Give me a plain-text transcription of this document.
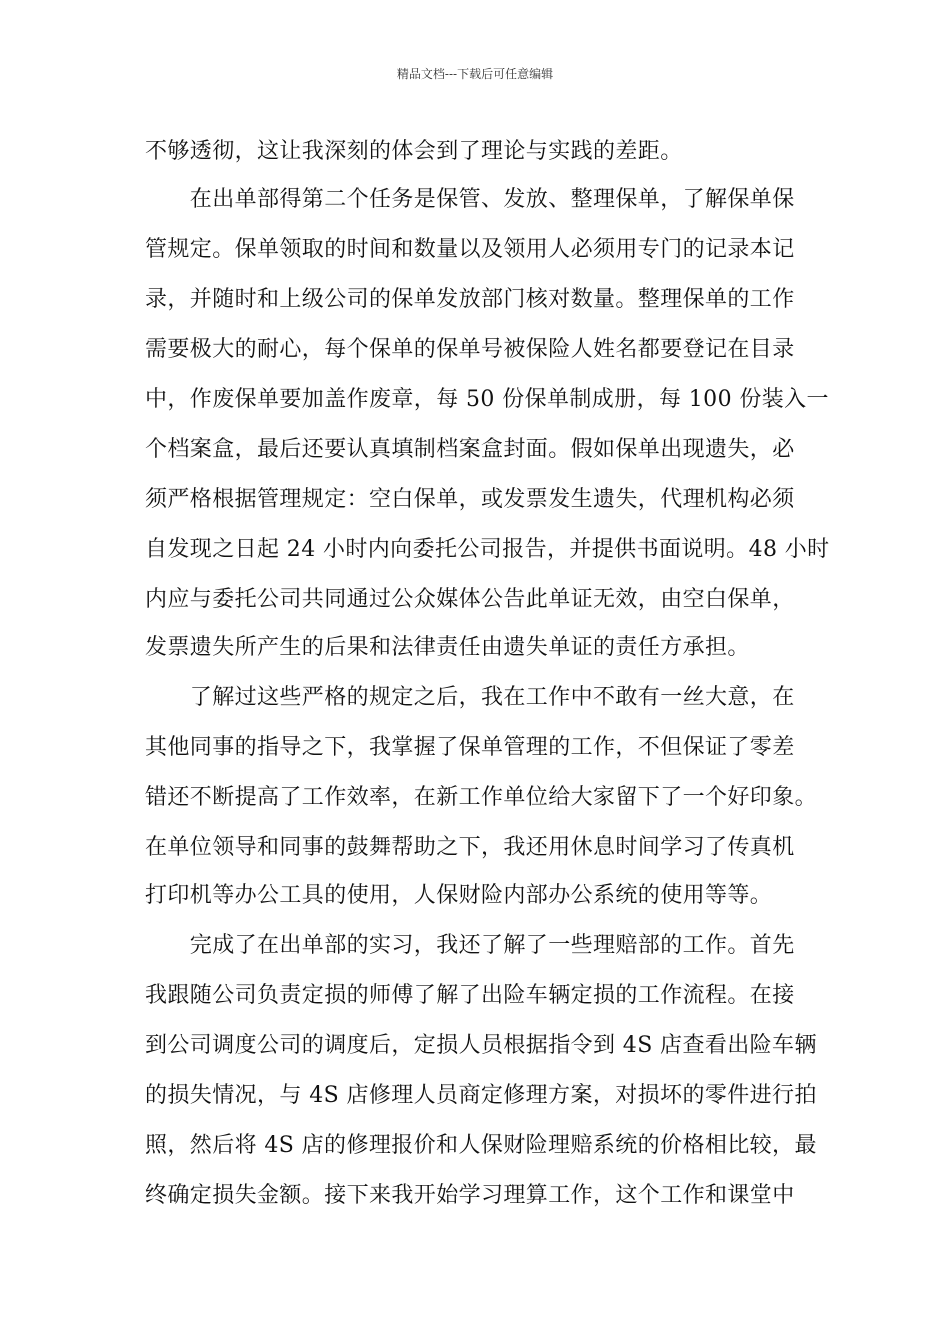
精品文档---下载后可任意编辑
不够透彻，这让我深刻的体会到了理论与实践的差距。
　　在出单部得第二个任务是保管、发放、整理保单，了解保单保
管规定。保单领取的时间和数量以及领用人必须用专门的记录本记
录，并随时和上级公司的保单发放部门核对数量。整理保单的工作
需要极大的耐心，每个保单的保单号被保险人姓名都要登记在目录
中，作废保单要加盖作废章，每 50 份保单制成册，每 100 份装入一
个档案盒，最后还要认真填制档案盒封面。假如保单出现遗失，必
须严格根据管理规定：空白保单，或发票发生遗失，代理机构必须
自发现之日起 24 小时内向委托公司报告，并提供书面说明。48 小时
内应与委托公司共同通过公众媒体公告此单证无效，由空白保单，
发票遗失所产生的后果和法律责任由遗失单证的责任方承担。
　　了解过这些严格的规定之后，我在工作中不敢有一丝大意，在
其他同事的指导之下，我掌握了保单管理的工作，不但保证了零差
错还不断提高了工作效率，在新工作单位给大家留下了一个好印象。
在单位领导和同事的鼓舞帮助之下，我还用休息时间学习了传真机
打印机等办公工具的使用，人保财险内部办公系统的使用等等。
　　完成了在出单部的实习，我还了解了一些理赔部的工作。首先
我跟随公司负责定损的师傅了解了出险车辆定损的工作流程。在接
到公司调度公司的调度后，定损人员根据指令到 4S 店查看出险车辆
的损失情况，与 4S 店修理人员商定修理方案，对损坏的零件进行拍
照，然后将 4S 店的修理报价和人保财险理赔系统的价格相比较，最
终确定损失金额。接下来我开始学习理算工作，这个工作和课堂中
